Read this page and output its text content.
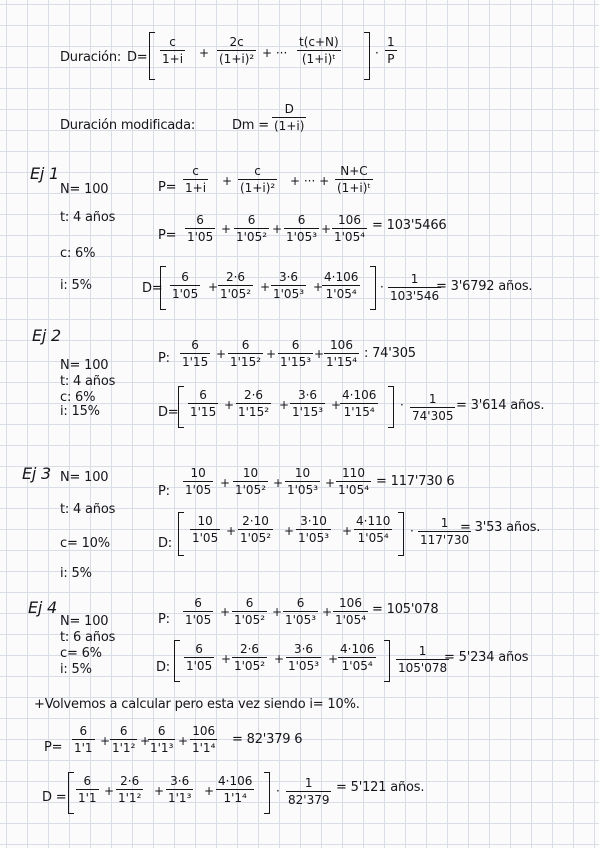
Duración: D=
c
1+i +
2c
(1+i)² + ···
t(c+N)
(1+i)ᵗ	·
1
P
Duración modificada:	Dm =
D
(1+i)
Ej 1
N= 100
t: 4 años
c: 6%
i: 5%
P=
c
1+i +
c
(1+i)² + ··· +
N+C
(1+i)ᵗ
P=
6
1'05
+
6
1'05²
+
6
1'05³
+
106
1'05⁴
= 103'5466
D=
6
1'05 +
2·6
1'05² +
3·6
1'05³ +
4·106
1'05⁴ ·
1
103'546
= 3'6792 años.
Ej 2
N= 100
t: 4 años
c: 6%
i: 15%
P:
6
1'15
+
6
1'15²
+
6
1'15³
+
106
1'15⁴
: 74'305
D=
6
1'15 +
2·6
1'15² +
3·6
1'15³ +
4·106
1'15⁴ · 1
74'305
= 3'614 años.
Ej 3 N= 100
t: 4 años
c= 10%
i: 5%
P:
10
1'05 +
10
1'05² +
10
1'05³ +
110
1'05⁴
= 117'730 6
D:
10
1'05 +
2·10
1'05² +
3·10
1'05³ +
4·110
1'05⁴ ·
1
117'730
= 3'53 años.
Ej 4
N= 100
t: 6 años
c= 6%
i: 5%
P:
6
1'05
+
6
1'05²
+
6
1'05³
+
106
1'05⁴
= 105'078
D:
6
1'05 +
2·6
1'05² +
3·6
1'05³ +
4·106
1'05⁴
1
105'078
= 5'234 años
+Volvemos a calcular pero esta vez siendo i= 10%.
P=
6
1'1 +
6
1'1² +
6
1'1³ +
106
1'1⁴
= 82'379 6
D =
6
1'1 +
2·6
1'1² +
3·6
1'1³ +
4·106
1'1⁴ ·
1
82'379
= 5'121 años.
